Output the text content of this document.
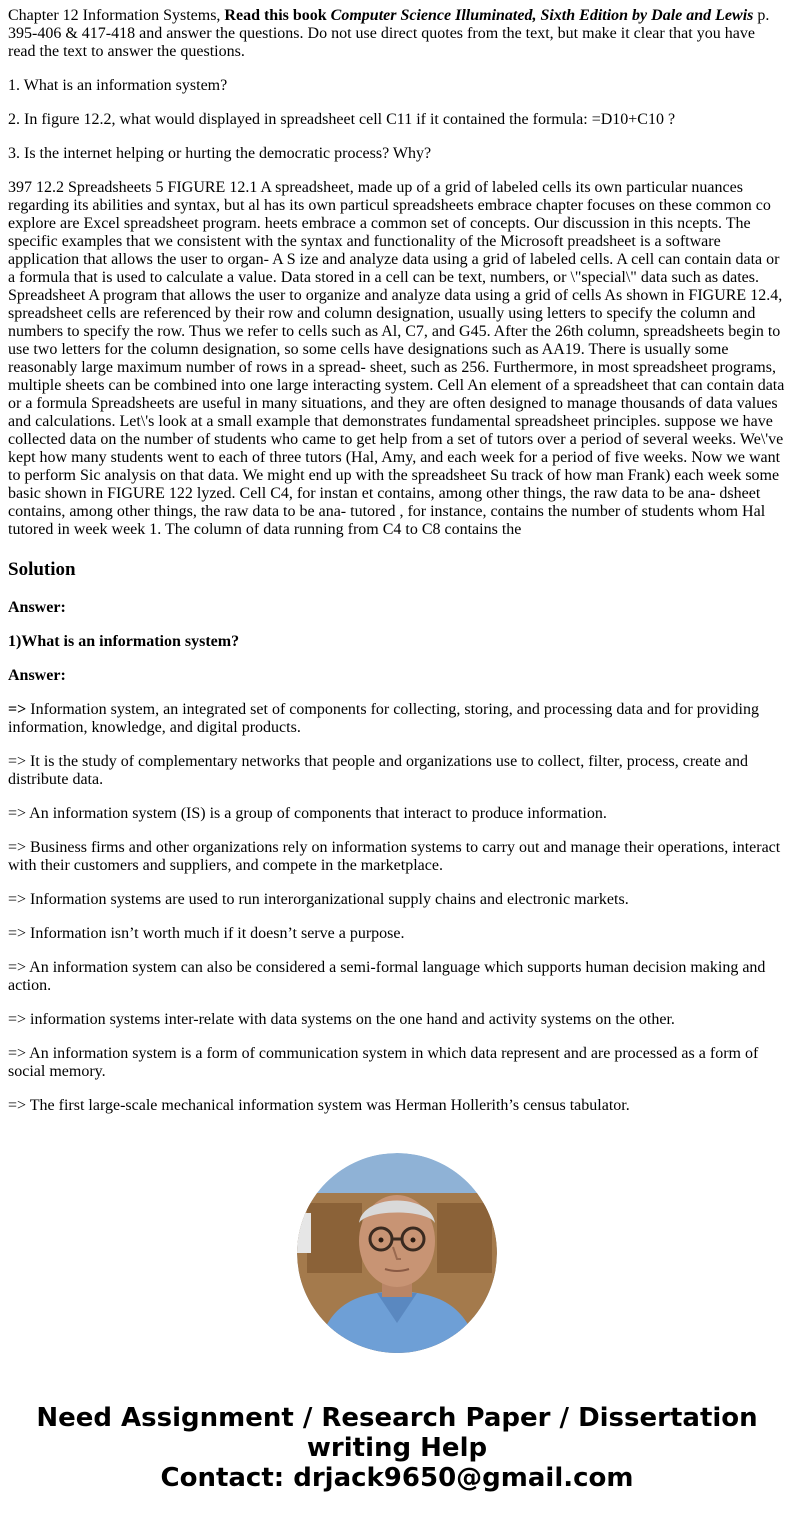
Chapter 12 Information Systems, Read this book Computer Science Illuminated, Sixth Edition by Dale and Lewis p. 395-406 & 417-418 and answer the questions. Do not use direct quotes from the text, but make it clear that you have read the text to answer the questions.

1. What is an information system?

2. In figure 12.2, what would displayed in spreadsheet cell C11 if it contained the formula: =D10+C10 ?

3. Is the internet helping or hurting the democratic process? Why?

397 12.2 Spreadsheets 5 FIGURE 12.1 A spreadsheet, made up of a grid of labeled cells its own particular nuances regarding its abilities and syntax, but al has its own particul spreadsheets embrace chapter focuses on these common co explore are Excel spreadsheet program. heets embrace a common set of concepts. Our discussion in this ncepts. The specific examples that we consistent with the syntax and functionality of the Microsoft preadsheet is a software application that allows the user to organ- A S ize and analyze data using a grid of labeled cells. A cell can contain data or a formula that is used to calculate a value. Data stored in a cell can be text, numbers, or \"special\" data such as dates. Spreadsheet A program that allows the user to organize and analyze data using a grid of cells As shown in FIGURE 12.4, spreadsheet cells are referenced by their row and column designation, usually using letters to specify the column and numbers to specify the row. Thus we refer to cells such as Al, C7, and G45. After the 26th column, spreadsheets begin to use two letters for the column designation, so some cells have designations such as AA19. There is usually some reasonably large maximum number of rows in a spread- sheet, such as 256. Furthermore, in most spreadsheet programs, multiple sheets can be combined into one large interacting system. Cell An element of a spreadsheet that can contain data or a formula Spreadsheets are useful in many situations, and they are often designed to manage thousands of data values and calculations. Let\'s look at a small example that demonstrates fundamental spreadsheet principles. suppose we have collected data on the number of students who came to get help from a set of tutors over a period of several weeks. We\'ve kept how many students went to each of three tutors (Hal, Amy, and each week for a period of five weeks. Now we want to perform Sic analysis on that data. We might end up with the spreadsheet Su track of how man Frank) each week some basic shown in FIGURE 122 lyzed. Cell C4, for instan et contains, among other things, the raw data to be ana- dsheet contains, among other things, the raw data to be ana- tutored , for instance, contains the number of students whom Hal tutored in week week 1. The column of data running from C4 to C8 contains the

Solution

Answer:

1)What is an information system?

Answer:

=> Information system, an integrated set of components for collecting, storing, and processing data and for providing information, knowledge, and digital products.

=> It is the study of complementary networks that people and organizations use to collect, filter, process, create and distribute data.

=> An information system (IS) is a group of components that interact to produce information.

=> Business firms and other organizations rely on information systems to carry out and manage their operations, interact with their customers and suppliers, and compete in the marketplace.

=> Information systems are used to run interorganizational supply chains and electronic markets.

=> Information isn’t worth much if it doesn’t serve a purpose.

=> An information system can also be considered a semi-formal language which supports human decision making and action.

=> information systems inter-relate with data systems on the one hand and activity systems on the other.

=> An information system is a form of communication system in which data represent and are processed as a form of social memory.

=> The first large-scale mechanical information system was Herman Hollerith’s census tabulator.

Need Assignment / Research Paper / Dissertation
writing Help
Contact: drjack9650@gmail.com
